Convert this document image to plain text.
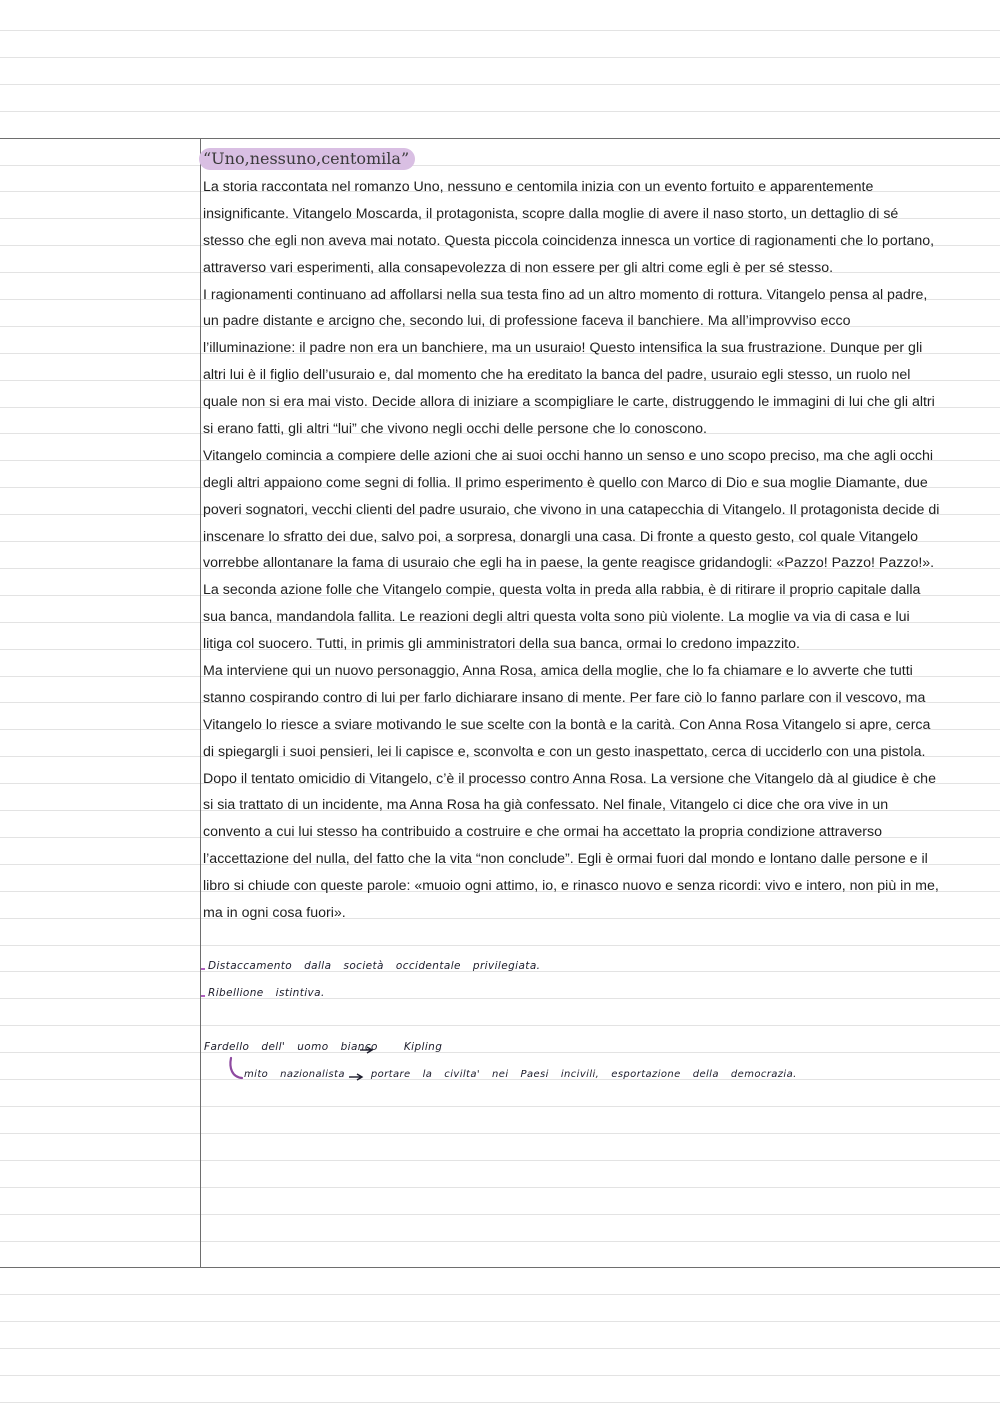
“Uno,nessuno,centomila”
La storia raccontata nel romanzo Uno, nessuno e centomila inizia con un evento fortuito e apparentemente
insignificante. Vitangelo Moscarda, il protagonista, scopre dalla moglie di avere il naso storto, un dettaglio di sé
stesso che egli non aveva mai notato. Questa piccola coincidenza innesca un vortice di ragionamenti che lo portano,
attraverso vari esperimenti, alla consapevolezza di non essere per gli altri come egli è per sé stesso.
I ragionamenti continuano ad affollarsi nella sua testa fino ad un altro momento di rottura. Vitangelo pensa al padre,
un padre distante e arcigno che, secondo lui, di professione faceva il banchiere. Ma all’improvviso ecco
l’illuminazione: il padre non era un banchiere, ma un usuraio! Questo intensifica la sua frustrazione. Dunque per gli
altri lui è il figlio dell’usuraio e, dal momento che ha ereditato la banca del padre, usuraio egli stesso, un ruolo nel
quale non si era mai visto. Decide allora di iniziare a scompigliare le carte, distruggendo le immagini di lui che gli altri
si erano fatti, gli altri “lui” che vivono negli occhi delle persone che lo conoscono.
Vitangelo comincia a compiere delle azioni che ai suoi occhi hanno un senso e uno scopo preciso, ma che agli occhi
degli altri appaiono come segni di follia. Il primo esperimento è quello con Marco di Dio e sua moglie Diamante, due
poveri sognatori, vecchi clienti del padre usuraio, che vivono in una catapecchia di Vitangelo. Il protagonista decide di
inscenare lo sfratto dei due, salvo poi, a sorpresa, donargli una casa. Di fronte a questo gesto, col quale Vitangelo
vorrebbe allontanare la fama di usuraio che egli ha in paese, la gente reagisce gridandogli: «Pazzo! Pazzo! Pazzo!».
La seconda azione folle che Vitangelo compie, questa volta in preda alla rabbia, è di ritirare il proprio capitale dalla
sua banca, mandandola fallita. Le reazioni degli altri questa volta sono più violente. La moglie va via di casa e lui
litiga col suocero. Tutti, in primis gli amministratori della sua banca, ormai lo credono impazzito.
Ma interviene qui un nuovo personaggio, Anna Rosa, amica della moglie, che lo fa chiamare e lo avverte che tutti
stanno cospirando contro di lui per farlo dichiarare insano di mente. Per fare ciò lo fanno parlare con il vescovo, ma
Vitangelo lo riesce a sviare motivando le sue scelte con la bontà e la carità. Con Anna Rosa Vitangelo si apre, cerca
di spiegargli i suoi pensieri, lei li capisce e, sconvolta e con un gesto inaspettato, cerca di ucciderlo con una pistola.
Dopo il tentato omicidio di Vitangelo, c’è il processo contro Anna Rosa. La versione che Vitangelo dà al giudice è che
si sia trattato di un incidente, ma Anna Rosa ha già confessato. Nel finale, Vitangelo ci dice che ora vive in un
convento a cui lui stesso ha contribuido a costruire e che ormai ha accettato la propria condizione attraverso
l’accettazione del nulla, del fatto che la vita “non conclude”. Egli è ormai fuori dal mondo e lontano dalle persone e il
libro si chiude con queste parole: «muoio ogni attimo, io, e rinasco nuovo e senza ricordi: vivo e intero, non più in me,
ma in ogni cosa fuori».
Distaccamento dalla società occidentale privilegiata.
Ribellione istintiva.
Fardello dell' uomo bianco Kipling
mito nazionalista	portare la civilta' nei Paesi incivili, esportazione della democrazia.
